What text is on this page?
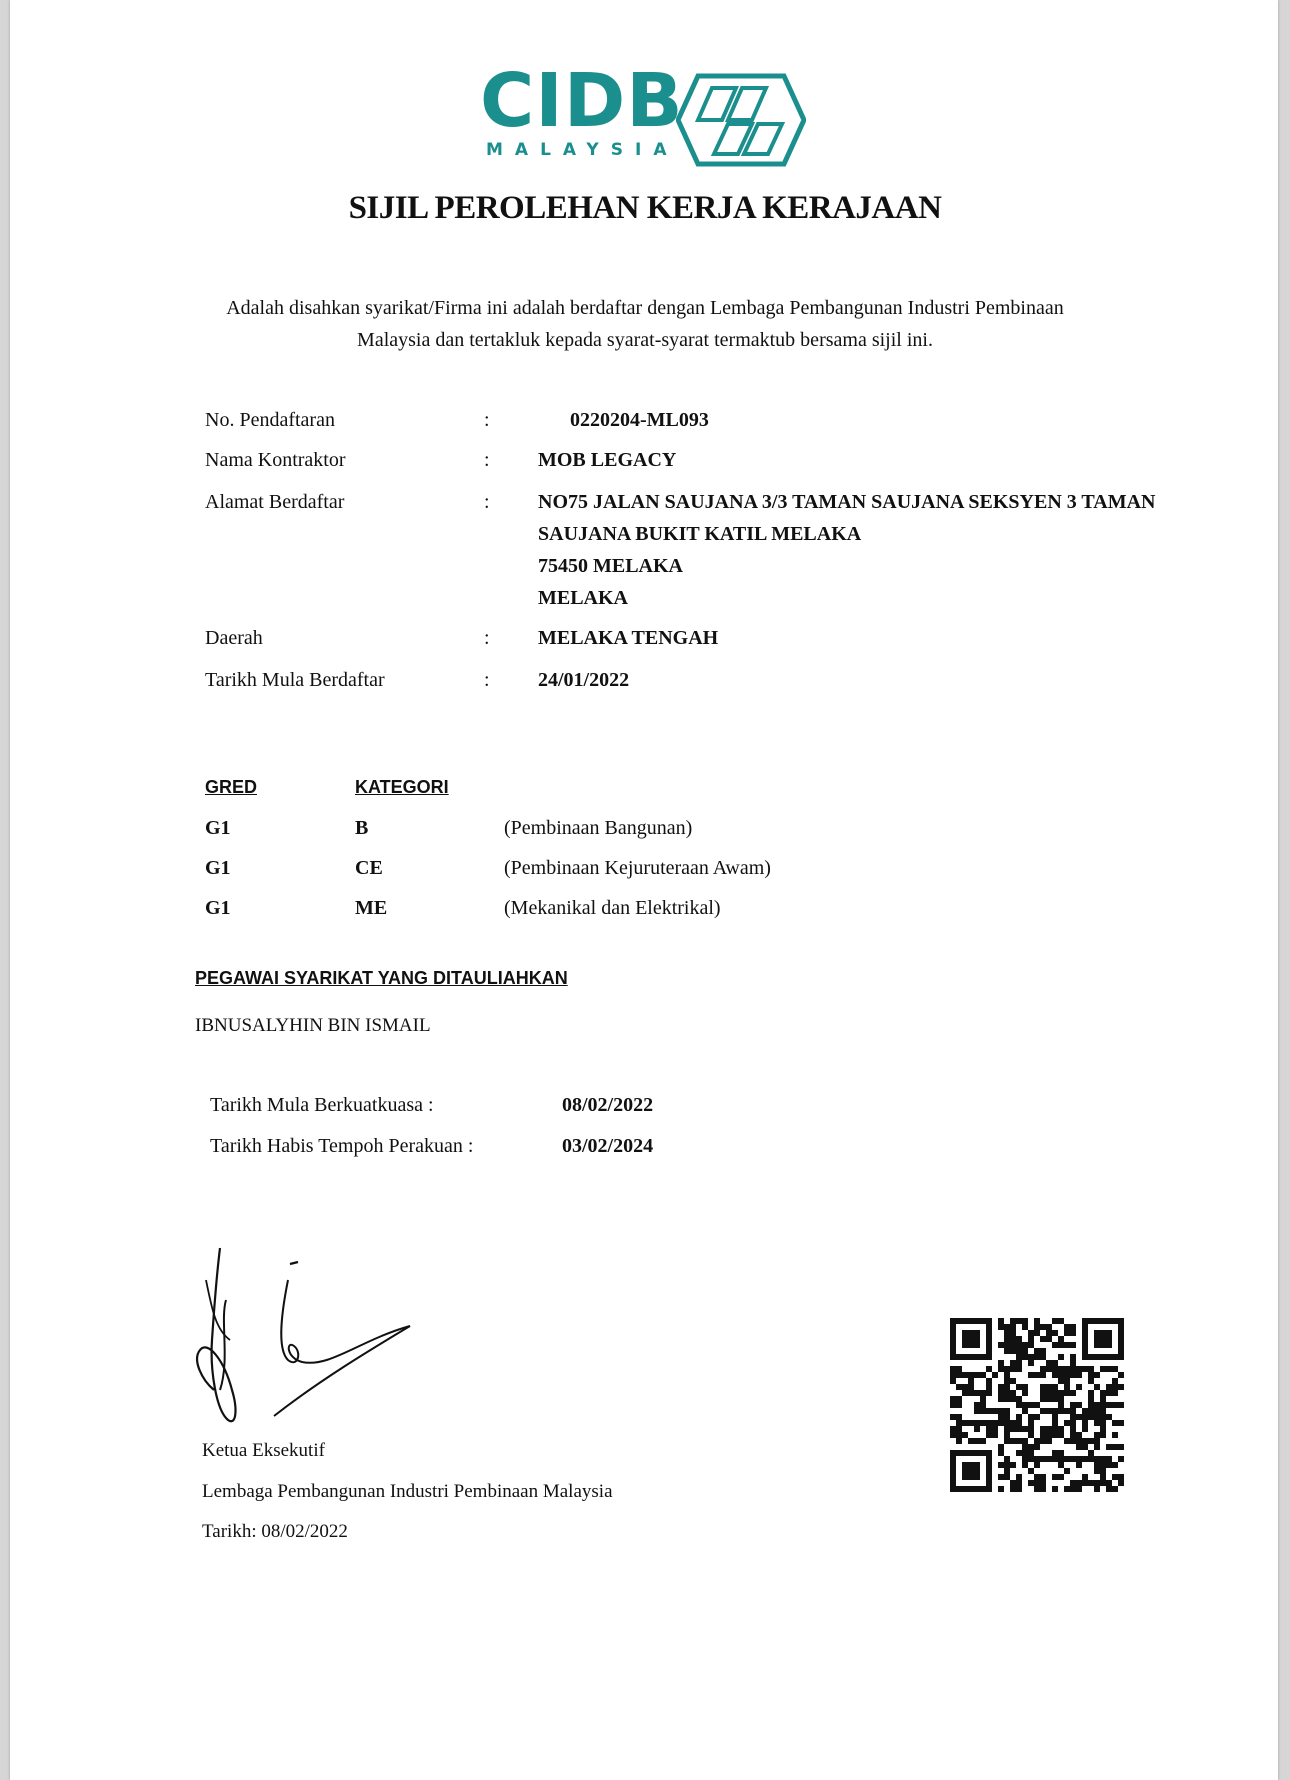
CIDB
MALAYSIA
SIJIL PEROLEHAN KERJA KERAJAAN
Adalah disahkan syarikat/Firma ini adalah berdaftar dengan Lembaga Pembangunan Industri Pembinaan
Malaysia dan tertakluk kepada syarat-syarat termaktub bersama sijil ini.
No. Pendaftaran	:	0220204-ML093
Nama Kontraktor	: MOB LEGACY
Alamat Berdaftar	: NO75 JALAN SAUJANA 3/3 TAMAN SAUJANA SEKSYEN 3 TAMAN
SAUJANA BUKIT KATIL MELAKA
75450 MELAKA
MELAKA
Daerah	: MELAKA TENGAH
Tarikh Mula Berdaftar	: 24/01/2022
GRED	KATEGORI
G1	B	(Pembinaan Bangunan)
G1	CE	(Pembinaan Kejuruteraan Awam)
G1	ME	(Mekanikal dan Elektrikal)
PEGAWAI SYARIKAT YANG DITAULIAHKAN
IBNUSALYHIN BIN ISMAIL
Tarikh Mula Berkuatkuasa :	08/02/2022
Tarikh Habis Tempoh Perakuan :	03/02/2024
Ketua Eksekutif
Lembaga Pembangunan Industri Pembinaan Malaysia
Tarikh: 08/02/2022
